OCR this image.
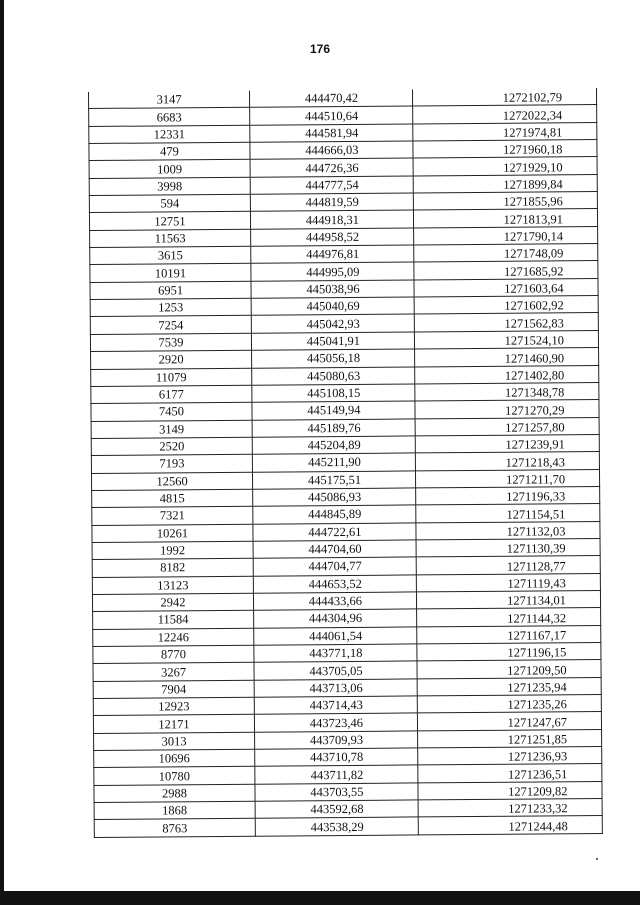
176
3147	444470,42	1272102,79
6683	444510,64	1272022,34
12331	444581,94	1271974,81
479	444666,03	1271960,18
1009	444726,36	1271929,10
3998	444777,54	1271899,84
594	444819,59	1271855,96
12751	444918,31	1271813,91
11563	444958,52	1271790,14
3615	444976,81	1271748,09
10191	444995,09	1271685,92
6951	445038,96	1271603,64
1253	445040,69	1271602,92
7254	445042,93	1271562,83
7539	445041,91	1271524,10
2920	445056,18	1271460,90
11079	445080,63	1271402,80
6177	445108,15	1271348,78
7450	445149,94	1271270,29
3149	445189,76	1271257,80
2520	445204,89	1271239,91
7193	445211,90	1271218,43
12560	445175,51	1271211,70
4815	445086,93	1271196,33
7321	444845,89	1271154,51
10261	444722,61	1271132,03
1992	444704,60	1271130,39
8182	444704,77	1271128,77
13123	444653,52	1271119,43
2942	444433,66	1271134,01
11584	444304,96	1271144,32
12246	444061,54	1271167,17
8770	443771,18	1271196,15
3267	443705,05	1271209,50
7904	443713,06	1271235,94
12923	443714,43	1271235,26
12171	443723,46	1271247,67
3013	443709,93	1271251,85
10696	443710,78	1271236,93
10780	443711,82	1271236,51
2988	443703,55	1271209,82
1868	443592,68	1271233,32
8763	443538,29	1271244,48
